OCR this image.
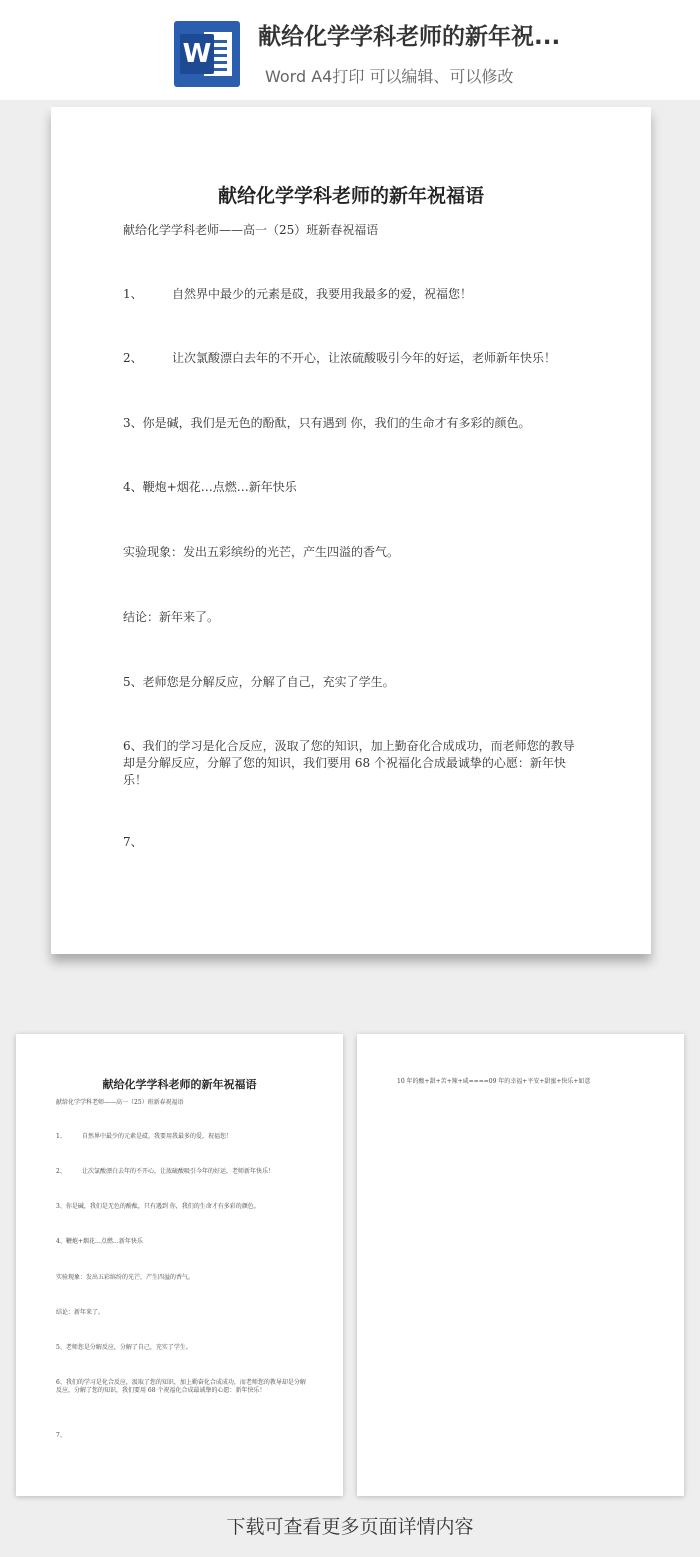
W
献给化学学科老师的新年祝...
Word A4打印 可以编辑、可以修改
献给化学学科老师的新年祝福语
献给化学学科老师——高一（25）班新春祝福语
1、 自然界中最少的元素是砹，我要用我最多的爱，祝福您！
2、 让次氯酸漂白去年的不开心，让浓硫酸吸引今年的好运，老师新年快乐！
3、你是碱，我们是无色的酚酞，只有遇到 你，我们的生命才有多彩的颜色。
4、鞭炮+烟花…点燃…新年快乐
实验现象：发出五彩缤纷的光芒，产生四溢的香气。
结论：新年来了。
5、老师您是分解反应，分解了自己，充实了学生。
6、我们的学习是化合反应，汲取了您的知识，加上勤奋化合成成功，而老师您的教导却是分解反应，分解了您的知识，我们要用 68 个祝福化合成最诚挚的心愿：新年快乐！
7、
献给化学学科老师的新年祝福语
献给化学学科老师——高一（25）班新春祝福语
1、	自然界中最少的元素是砹，我要用我最多的爱，祝福您！
2、	让次氯酸漂白去年的不开心，让浓硫酸吸引今年的好运，老师新年快乐！
3、你是碱，我们是无色的酚酞，只有遇到 你，我们的生命才有多彩的颜色。
4、鞭炮+烟花…点燃…新年快乐
实验现象：发出五彩缤纷的光芒，产生四溢的香气。
结论：新年来了。
5、老师您是分解反应，分解了自己，充实了学生。
6、我们的学习是化合反应，汲取了您的知识，加上勤奋化合成成功，而老师您的教导却是分解反应，分解了您的知识，我们要用 68 个祝福化合成最诚挚的心愿：新年快乐！
7、
10 年的酸+甜+苦+辣+咸====09 年的幸福+平安+甜蜜+快乐+如意
下载可查看更多页面详情内容
